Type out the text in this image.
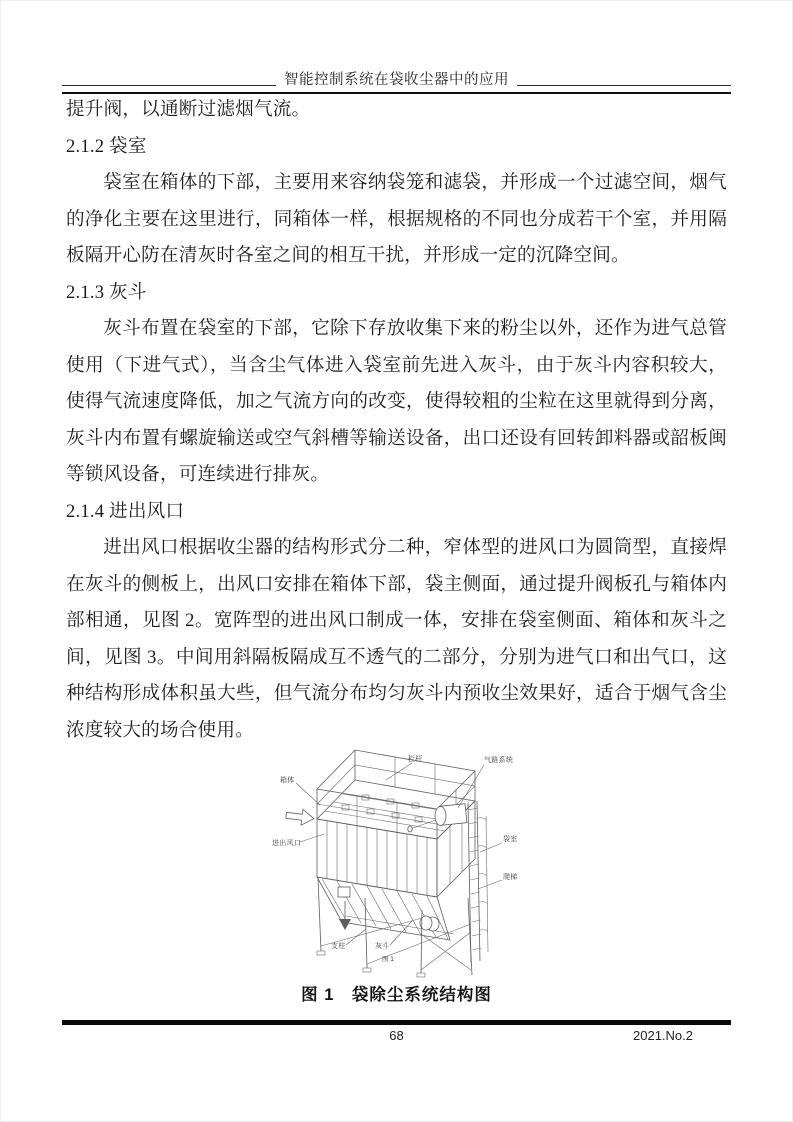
智能控制系统在袋收尘器中的应用

提升阀，以通断过滤烟气流。

2.1.2 袋室

袋室在箱体的下部，主要用来容纳袋笼和滤袋，并形成一个过滤空间，烟气的净化主要在这里进行，同箱体一样，根据规格的不同也分成若干个室，并用隔板隔开心防在清灰时各室之间的相互干扰，并形成一定的沉降空间。

2.1.3 灰斗

灰斗布置在袋室的下部，它除下存放收集下来的粉尘以外，还作为进气总管使用（下进气式），当含尘气体进入袋室前先进入灰斗，由于灰斗内容积较大，使得气流速度降低，加之气流方向的改变，使得较粗的尘粒在这里就得到分离，灰斗内布置有螺旋输送或空气斜槽等输送设备，出口还设有回转卸料器或韶板闽等锁风设备，可连续进行排灰。

2.1.4 进出风口

进出风口根据收尘器的结构形式分二种，窄体型的进风口为圆筒型，直接焊在灰斗的侧板上，出风口安排在箱体下部，袋主侧面，通过提升阀板孔与箱体内部相通，见图 2。宽阵型的进出风口制成一体，安排在袋室侧面、箱体和灰斗之间，见图 3。中间用斜隔板隔成互不透气的二部分，分别为进气口和出气口，这种结构形成体积虽大些，但气流分布均匀灰斗内预收尘效果好，适合于烟气含尘浓度较大的场合使用。

箱体
栏杆	气路系统
进出风口
袋室
爬梯
支柱	灰斗
图 1
图 1　袋除尘系统结构图
68	2021.No.2
